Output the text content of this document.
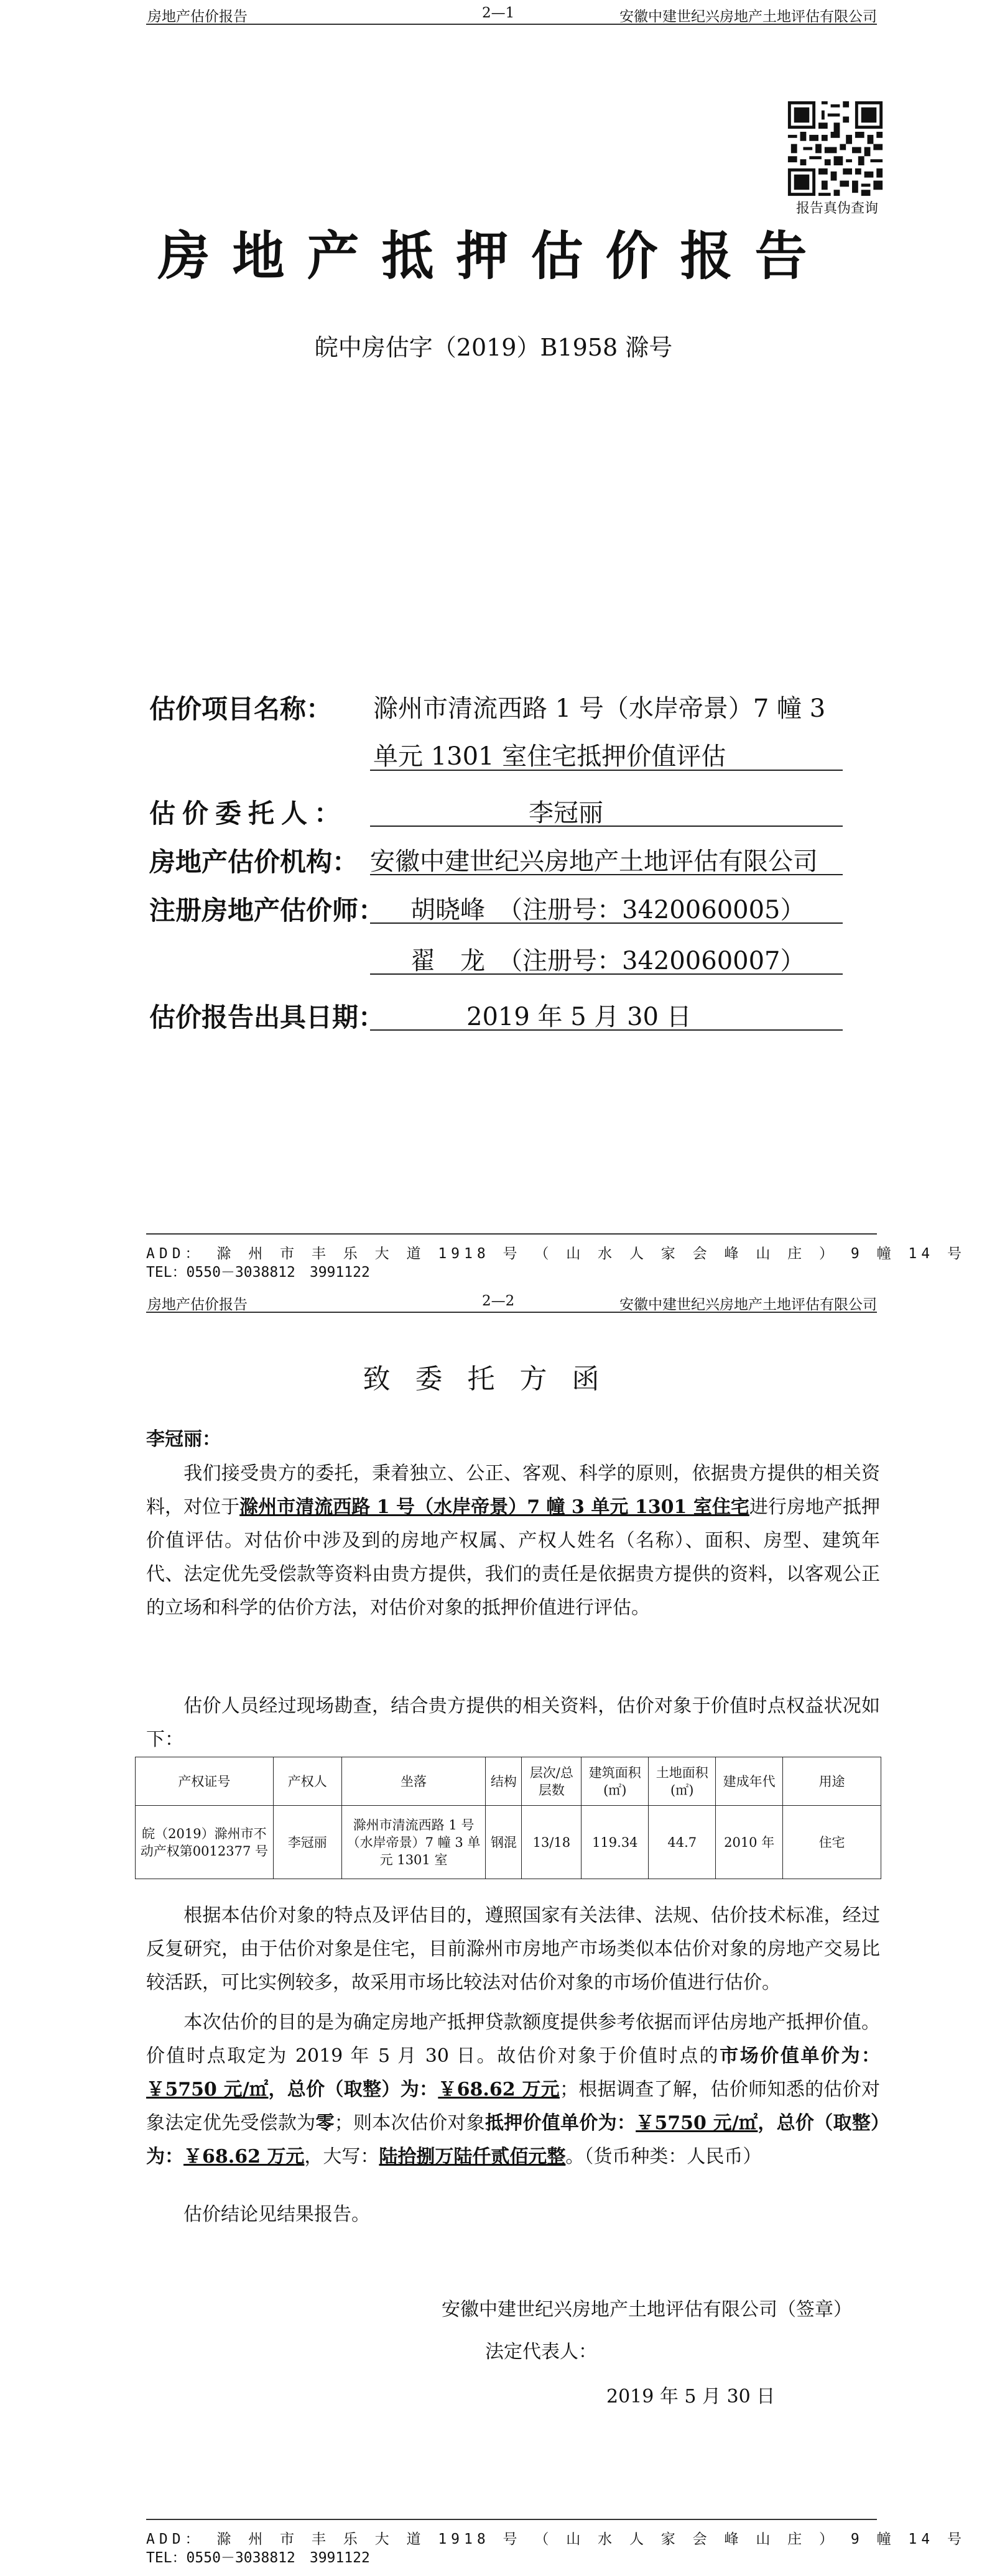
房地产估价报告	2—1	安徽中建世纪兴房地产土地评估有限公司
报告真伪查询
房地产抵押估价报告
皖中房估字（2019）B1958 滁号
估价项目名称： 滁州市清流西路 1 号（水岸帝景）7 幢 3
单元 1301 室住宅抵押价值评估
估价委托人：	李冠丽
房地产估价机构： 安徽中建世纪兴房地产土地评估有限公司
注册房地产估价师： 胡晓峰　（注册号：3420060005）
翟　龙　（注册号：3420060007）
估价报告出具日期：	2019 年 5 月 30 日
ADD： 滁 州 市 丰 乐 大 道 1918 号 （ 山 水 人 家 会 峰 山 庄 ） 9 幢 14 号
TEL：0550－3038812　3991122
房地产估价报告	2—2	安徽中建世纪兴房地产土地评估有限公司
致委托方函
李冠丽：
我们接受贵方的委托，秉着独立、公正、客观、科学的原则，依据贵方提供的相关资料，对位于滁州市清流西路 1 号（水岸帝景）7 幢 3 单元 1301 室住宅进行房地产抵押价值评估。对估价中涉及到的房地产权属、产权人姓名（名称）、面积、房型、建筑年代、法定优先受偿款等资料由贵方提供，我们的责任是依据贵方提供的资料，以客观公正的立场和科学的估价方法，对估价对象的抵押价值进行评估。
估价人员经过现场勘查，结合贵方提供的相关资料，估价对象于价值时点权益状况如下：
产权证号	产权人	坐落	结构	层次/总层数	建筑面积(㎡)	土地面积(㎡)	建成年代	用途
皖（2019）滁州市不动产权第0012377 号	李冠丽	滁州市清流西路 1 号（水岸帝景）7 幢 3 单元 1301 室	钢混	13/18	119.34	44.7	2010 年	住宅
根据本估价对象的特点及评估目的，遵照国家有关法律、法规、估价技术标准，经过反复研究，由于估价对象是住宅，目前滁州市房地产市场类似本估价对象的房地产交易比较活跃，可比实例较多，故采用市场比较法对估价对象的市场价值进行估价。
本次估价的目的是为确定房地产抵押贷款额度提供参考依据而评估房地产抵押价值。价值时点取定为 2019 年 5 月 30 日。故估价对象于价值时点的市场价值单价为：￥5750 元/㎡，总价（取整）为：￥68.62 万元；根据调查了解，估价师知悉的估价对象法定优先受偿款为零；则本次估价对象抵押价值单价为：￥5750 元/㎡，总价（取整）为：￥68.62 万元，大写：陆拾捌万陆仟贰佰元整。（货币种类：人民币）
估价结论见结果报告。
安徽中建世纪兴房地产土地评估有限公司（签章）
法定代表人：
2019 年 5 月 30 日
ADD： 滁 州 市 丰 乐 大 道 1918 号 （ 山 水 人 家 会 峰 山 庄 ） 9 幢 14 号
TEL：0550－3038812　3991122
